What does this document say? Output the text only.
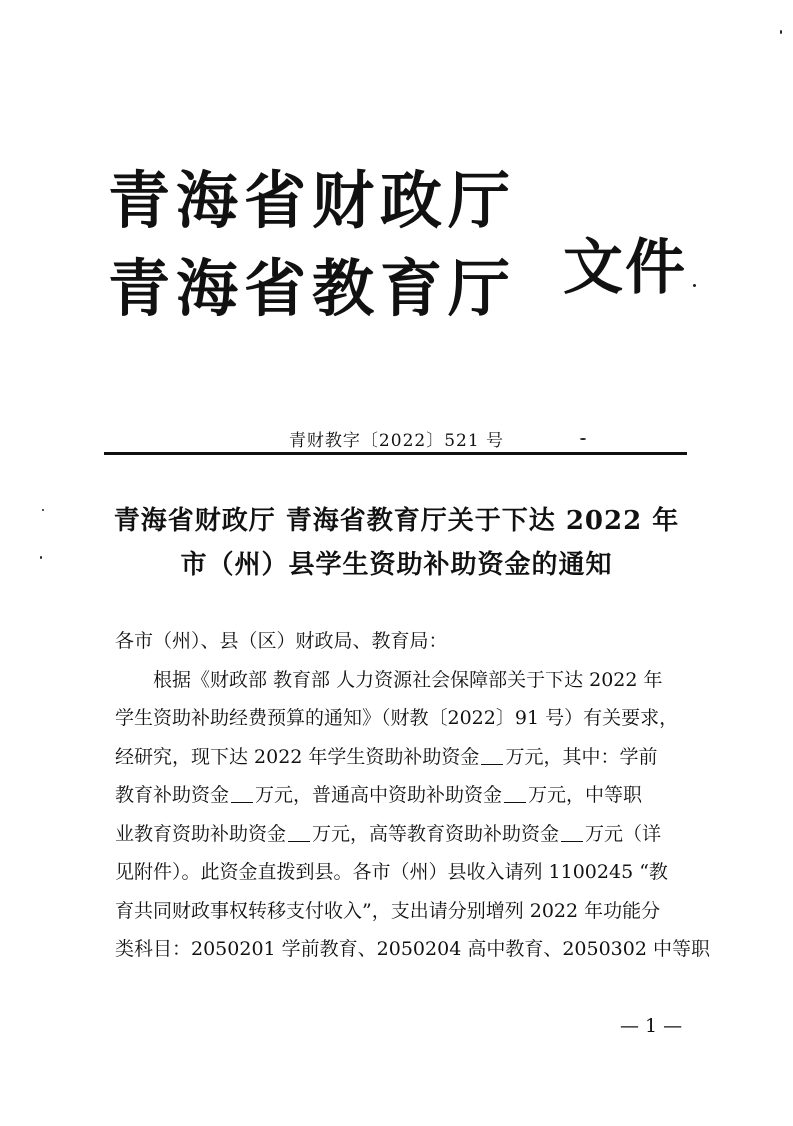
青海省财政厅
青海省教育厅 文件
青财教字〔2022〕521 号
青海省财政厅 青海省教育厅关于下达 2022 年
市（州）县学生资助补助资金的通知
各市（州）、县（区）财政局、教育局：
根据《财政部 教育部 人力资源社会保障部关于下达 2022 年
学生资助补助经费预算的通知》（财教〔2022〕91 号）有关要求，
经研究，现下达 2022 年学生资助补助资金 万元，其中：学前
教育补助资金 万元，普通高中资助补助资金 万元，中等职
业教育资助补助资金 万元，高等教育资助补助资金 万元（详
见附件）。此资金直拨到县。各市（州）县收入请列 1100245 “教
育共同财政事权转移支付收入”，支出请分别增列 2022 年功能分
类科目：2050201 学前教育、2050204 高中教育、2050302 中等职
— 1 —
